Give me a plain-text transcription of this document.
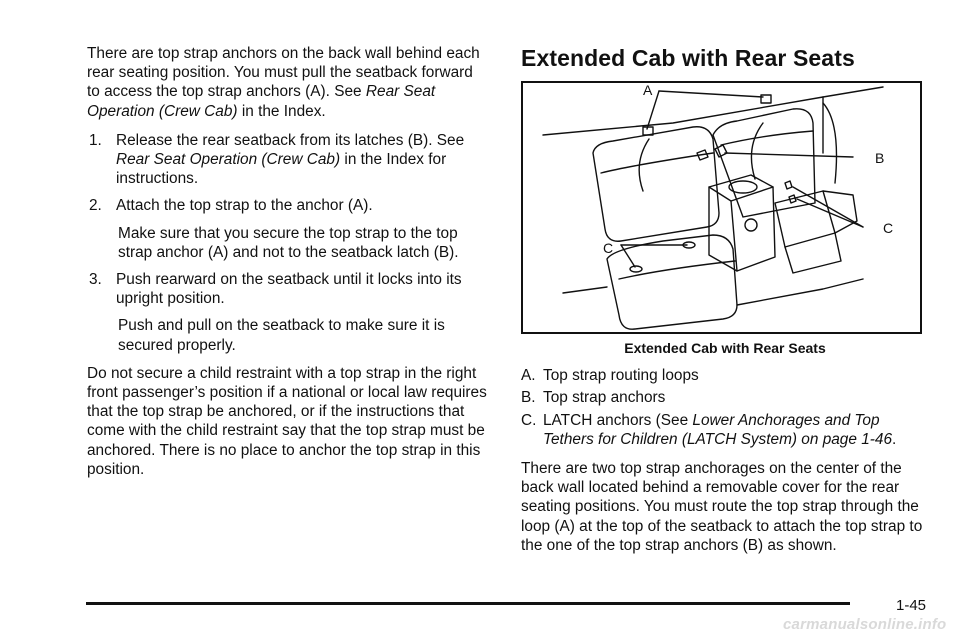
There are top strap anchors on the back wall behind each rear seating position. You must pull the seatback forward to access the top strap anchors (A). See Rear Seat Operation (Crew Cab) in the Index.

1. Release the rear seatback from its latches (B). See Rear Seat Operation (Crew Cab) in the Index for instructions.
2. Attach the top strap to the anchor (A).
Make sure that you secure the top strap to the top strap anchor (A) and not to the seatback latch (B).
3. Push rearward on the seatback until it locks into its upright position.
Push and pull on the seatback to make sure it is secured properly.

Do not secure a child restraint with a top strap in the right front passenger’s position if a national or local law requires that the top strap be anchored, or if the instructions that come with the child restraint say that the top strap must be anchored. There is no place to anchor the top strap in this position.

Extended Cab with Rear Seats
A
B
C
C
Extended Cab with Rear Seats
A. Top strap routing loops
B. Top strap anchors
C. LATCH anchors (See Lower Anchorages and Top Tethers for Children (LATCH System) on page 1-46.

There are two top strap anchorages on the center of the back wall located behind a removable cover for the rear seating positions. You must route the top strap through the loop (A) at the top of the seatback to attach the top strap to the one of the top strap anchors (B) as shown.

1-45
carmanualsonline.info
